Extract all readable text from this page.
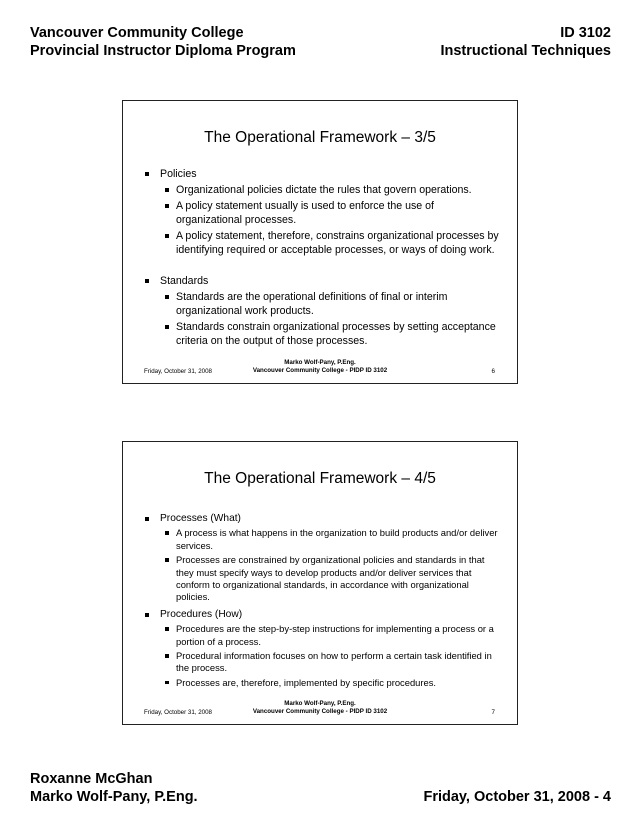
Vancouver Community College
Provincial Instructor Diploma Program
ID 3102
Instructional Techniques
The Operational Framework – 3/5
Policies
Organizational policies dictate the rules that govern operations.
A policy statement usually is used to enforce the use of organizational processes.
A policy statement, therefore, constrains organizational processes by identifying required or acceptable processes, or ways of doing work.
Standards
Standards are the operational definitions of final or interim organizational work products.
Standards constrain organizational processes by setting acceptance criteria on the output of those processes.
Friday, October 31, 2008
Marko Wolf-Pany, P.Eng.
Vancouver Community College - PIDP ID 3102	6
The Operational Framework – 4/5
Processes (What)
A process is what happens in the organization to build products and/or deliver services.
Processes are constrained by organizational policies and standards in that they must specify ways to develop products and/or deliver services that conform to organizational standards, in accordance with organizational policies.
Procedures (How)
Procedures are the step-by-step instructions for implementing a process or a portion of a process.
Procedural information focuses on how to perform a certain task identified in the process.
Processes are, therefore, implemented by specific procedures.
Friday, October 31, 2008
Marko Wolf-Pany, P.Eng.
Vancouver Community College - PIDP ID 3102	7
Roxanne McGhan
Marko Wolf-Pany, P.Eng.	Friday, October 31, 2008 - 4
